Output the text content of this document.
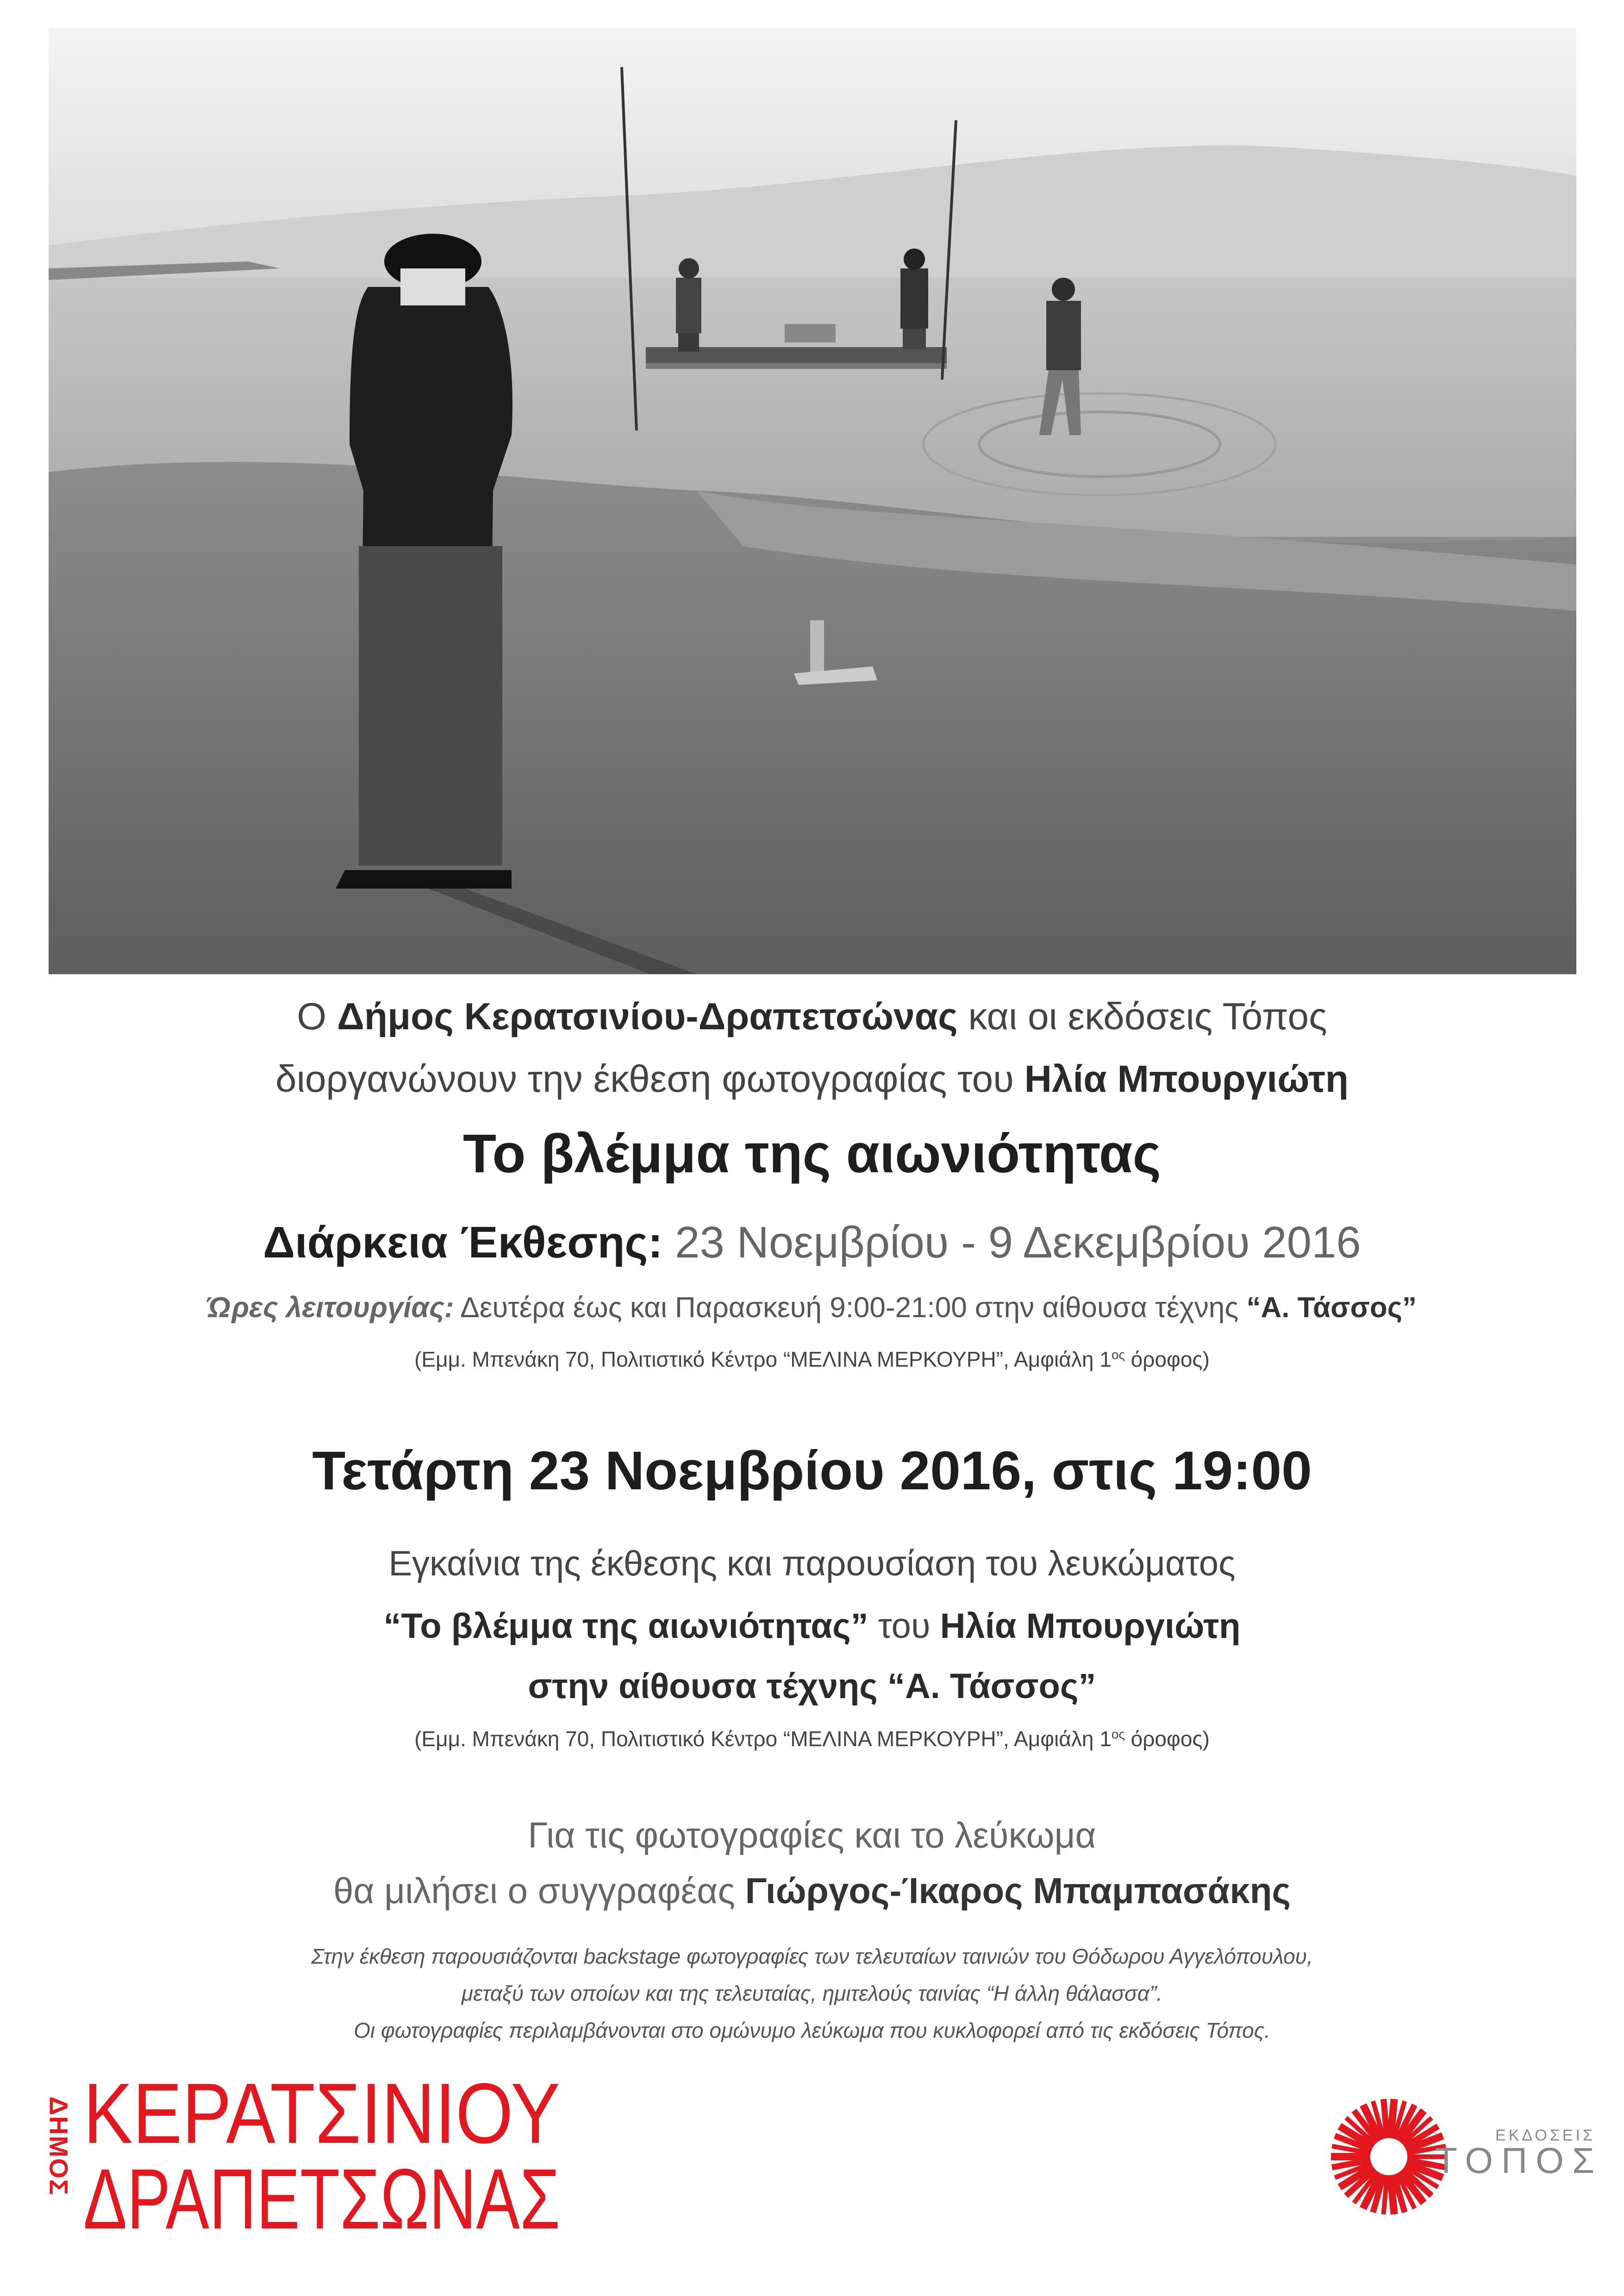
Ο Δήμος Κερατσινίου-Δραπετσώνας και οι εκδόσεις Τόπος
διοργανώνουν την έκθεση φωτογραφίας του Ηλία Μπουργιώτη
Το βλέμμα της αιωνιότητας
Διάρκεια Έκθεσης: 23 Νοεμβρίου - 9 Δεκεμβρίου 2016
Ώρες λειτουργίας: Δευτέρα έως και Παρασκευή 9:00-21:00 στην αίθουσα τέχνης “Α. Τάσσος”
(Εμμ. Μπενάκη 70, Πολιτιστικό Κέντρο “ΜΕΛΙΝΑ ΜΕΡΚΟΥΡΗ”, Αμφιάλη $1^{o\varsigma}$ όροφος)
Τετάρτη 23 Νοεμβρίου 2016, στις 19:00
Εγκαίνια της έκθεσης και παρουσίαση του λευκώματος
“Το βλέμμα της αιωνιότητας” του Ηλία Μπουργιώτη
στην αίθουσα τέχνης “Α. Τάσσος”
(Εμμ. Μπενάκη 70, Πολιτιστικό Κέντρο “ΜΕΛΙΝΑ ΜΕΡΚΟΥΡΗ”, Αμφιάλη $1^{o\varsigma}$ όροφος)
Για τις φωτογραφίες και το λεύκωμα
θα μιλήσει ο συγγραφέας Γιώργος-Ίκαρος Μπαμπασάκης
Στην έκθεση παρουσιάζονται backstage φωτογραφίες των τελευταίων ταινιών του Θόδωρου Αγγελόπουλου,
μεταξύ των οποίων και της τελευταίας, ημιτελούς ταινίας “Η άλλη θάλασσα”.
Οι φωτογραφίες περιλαμβάνονται στο ομώνυμο λεύκωμα που κυκλοφορεί από τις εκδόσεις Τόπος.
ΔΗΜΟΣ ΚΕΡΑΤΣΙΝΙΟΥ
ΔΡΑΠΕΤΣΩΝΑΣ
ΕΚΔΟΣΕΙΣ
ΤΟΠΟΣ
